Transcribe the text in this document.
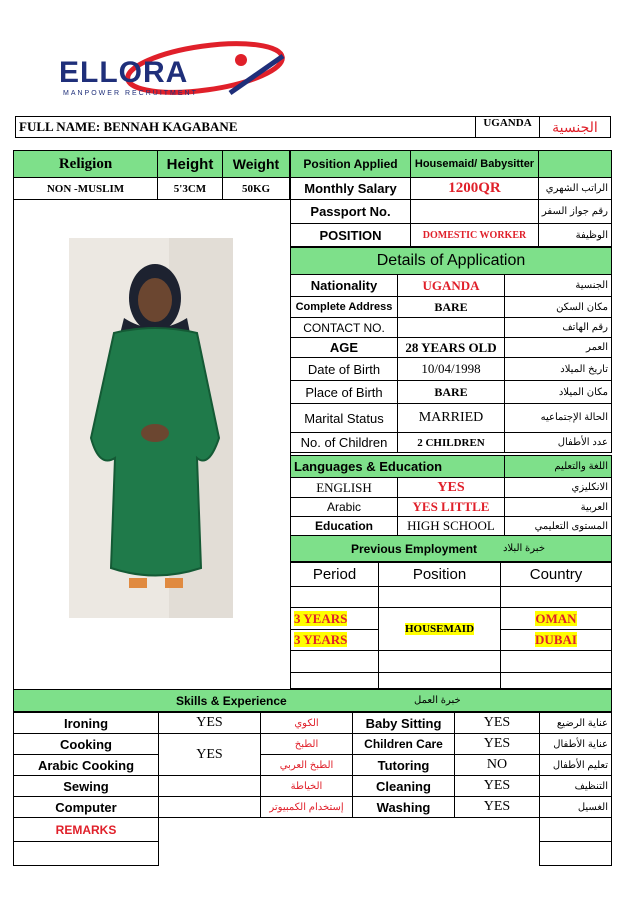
ELLORA
MANPOWER RECRUITMENT
FULL NAME: BENNAH KAGABANE	UGANDA	الجنسية
Religion	Height	Weight
NON -MUSLIM	5'3CM	50KG
Position Applied	Housemaid/ Babysitter	
Monthly Salary	1200QR	الراتب الشهري
Passport No.		رقم جواز السفر
POSITION	DOMESTIC WORKER	الوظيفة
Details of Application		
Nationality	UGANDA	الجنسية
Complete Address	BARE	مكان السكن
CONTACT NO.		رقم الهاتف
AGE	28 YEARS OLD	العمر
Date of Birth	10/04/1998	تاريخ الميلاد
Place of Birth	BARE	مكان الميلاد
Marital Status	MARRIED	الحالة الإجتماعيه
No. of Children	2 CHILDREN	عدد الأطفال
Languages & Education		اللغة والتعليم
ENGLISH	YES	الانكليزي
Arabic	YES LITTLE	العربية
Education	HIGH SCHOOL	المستوى التعليمي
Previous Employment	خبرة البلاد
Period	Position	Country

3 YEARS	HOUSEMAID	OMAN
3 YEARS		DUBAI

Skills & Experience	خبرة العمل
Ironing	YES	الكوي	Baby Sitting	YES	عناية الرضيع
Cooking	YES	الطبخ	Children Care	YES	عناية الأطفال
Arabic Cooking		الطبخ العربي	Tutoring	NO	تعليم الأطفال
Sewing		الخياطة	Cleaning	YES	التنظيف
Computer		إستخدام الكمبيوتر	Washing	YES	الغسيل
REMARKS					
